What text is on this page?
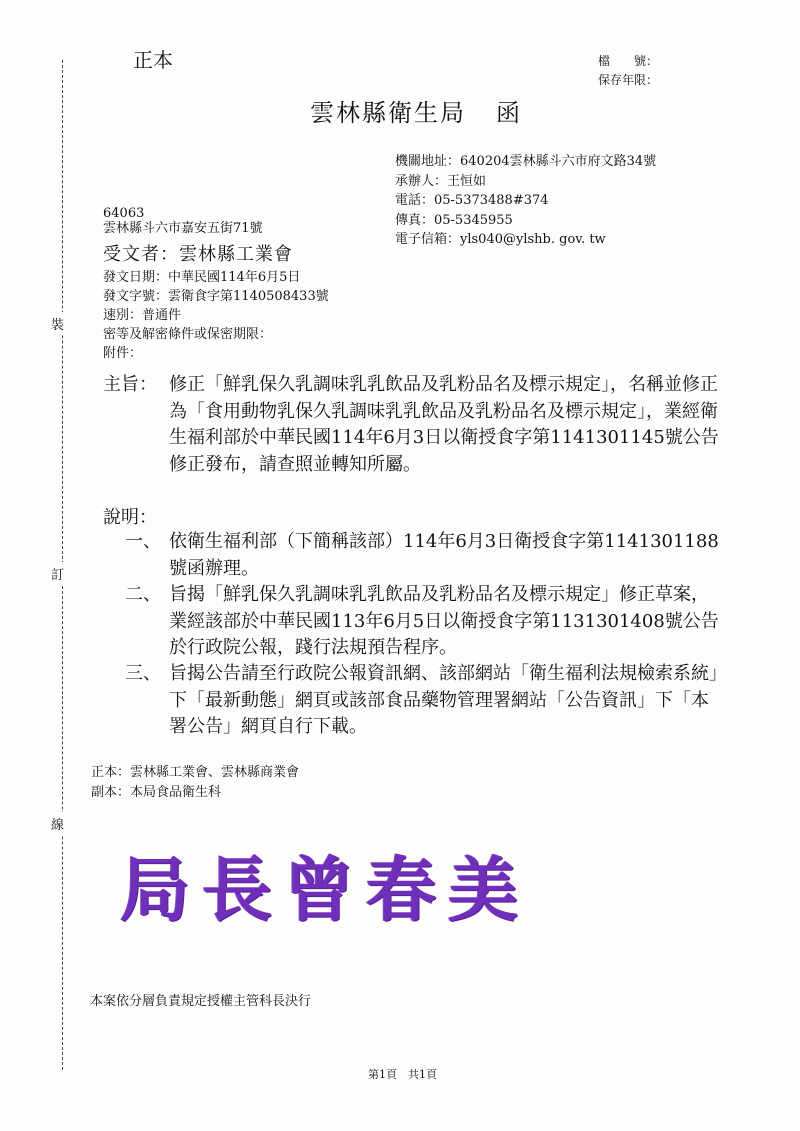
裝
訂
線
正本	檔　　號：
保存年限：
雲林縣衛生局 函
機關地址：640204雲林縣斗六市府文路34號
承辦人：王恒如
電話：05-5373488#374
傳真：05-5345955
電子信箱：yls040@ylshb. gov. tw
64063
雲林縣斗六市嘉安五街71號
受文者：雲林縣工業會
發文日期：中華民國114年6月5日
發文字號：雲衛食字第1140508433號
速別：普通件
密等及解密條件或保密期限：
附件：
主旨： 修正「鮮乳保久乳調味乳乳飲品及乳粉品名及標示規定」，名稱並修正為「食用動物乳保久乳調味乳乳飲品及乳粉品名及標示規定」，業經衛生福利部於中華民國114年6月3日以衛授食字第1141301145號公告修正發布，請查照並轉知所屬。
說明：
一、 依衛生福利部（下簡稱該部）114年6月3日衛授食字第1141301188號函辦理。
二、 旨揭「鮮乳保久乳調味乳乳飲品及乳粉品名及標示規定」修正草案，業經該部於中華民國113年6月5日以衛授食字第1131301408號公告於行政院公報，踐行法規預告程序。
三、 旨揭公告請至行政院公報資訊網、該部網站「衛生福利法規檢索系統」下「最新動態」網頁或該部食品藥物管理署網站「公告資訊」下「本署公告」網頁自行下載。
正本：雲林縣工業會、雲林縣商業會
副本：本局食品衛生科
局長曾春美
本案依分層負責規定授權主管科長決行
第1頁　共1頁
